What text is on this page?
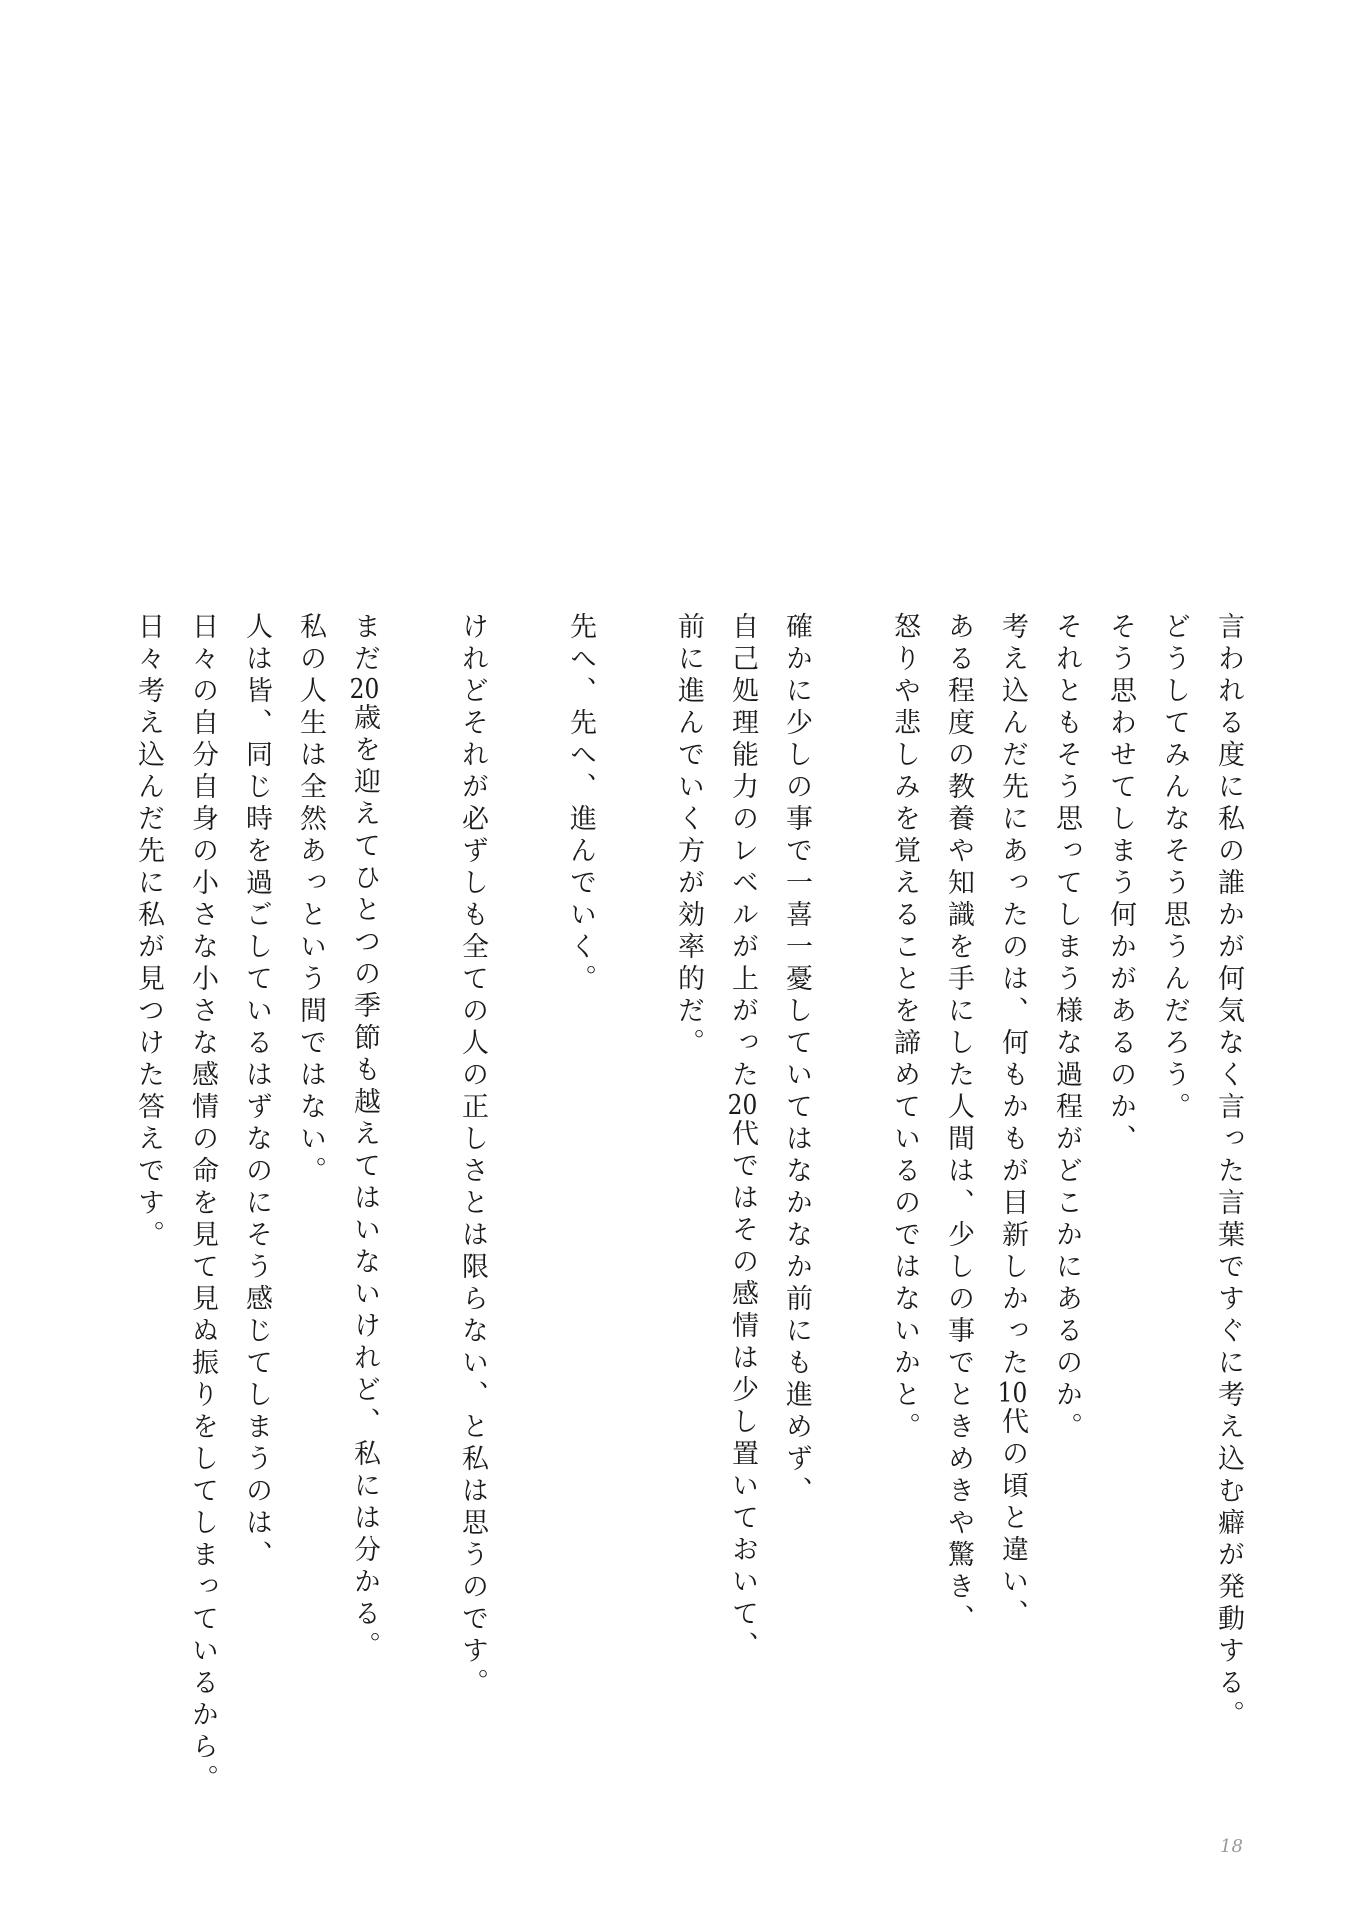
言われる度に私の誰かが何気なく言った言葉ですぐに考え込む癖が発動する。
どうしてみんなそう思うんだろう。
そう思わせてしまう何かがあるのか、
それともそう思ってしまう様な過程がどこかにあるのか。
考え込んだ先にあったのは、何もかもが目新しかった10代の頃と違い、
ある程度の教養や知識を手にした人間は、少しの事でときめきや驚き、
怒りや悲しみを覚えることを諦めているのではないかと。
確かに少しの事で一喜一憂していてはなかなか前にも進めず、
自己処理能力のレベルが上がった20代ではその感情は少し置いておいて、
前に進んでいく方が効率的だ。
先へ、先へ、進んでいく。
けれどそれが必ずしも全ての人の正しさとは限らない、と私は思うのです。
まだ20歳を迎えてひとつの季節も越えてはいないけれど、私には分かる。
私の人生は全然あっという間ではない。
人は皆、同じ時を過ごしているはずなのにそう感じてしまうのは、
日々の自分自身の小さな小さな感情の命を見て見ぬ振りをしてしまっているから。
日々考え込んだ先に私が見つけた答えです。
18
